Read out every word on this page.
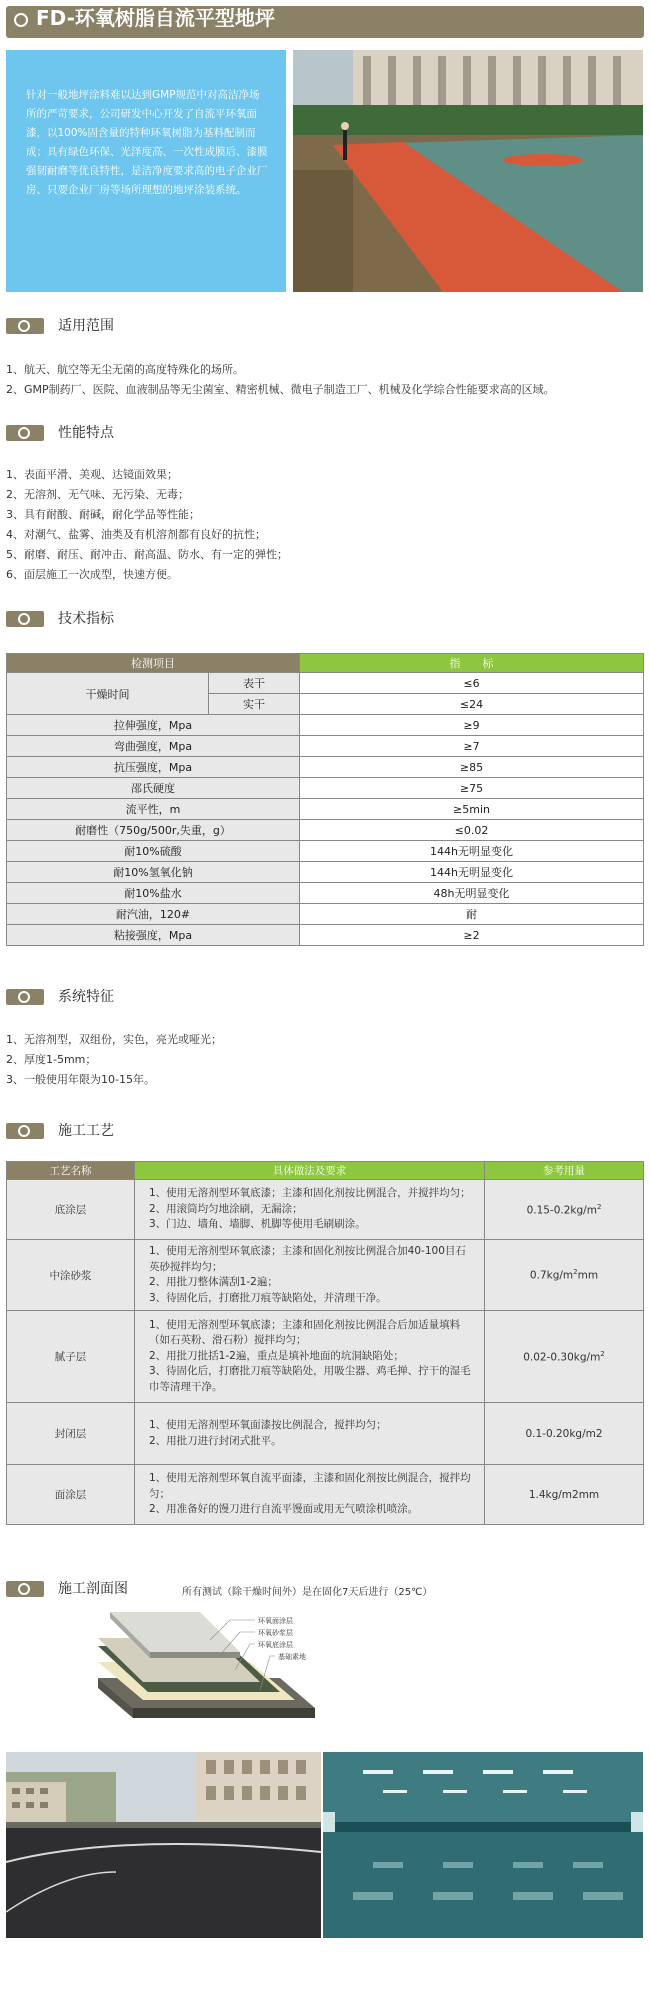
FD-环氧树脂自流平型地坪
针对一般地坪涂料难以达到GMP规范中对高洁净场所的严苛要求，公司研发中心开发了自流平环氧面漆，以100%固含量的特种环氧树脂为基料配制而成；具有绿色环保、光泽度高、一次性成膜后、漆膜强韧耐磨等优良特性，是洁净度要求高的电子企业厂房、只要企业厂房等场所理想的地坪涂装系统。
适用范围
1、航天、航空等无尘无菌的高度特殊化的场所。
2、GMP制药厂、医院、血液制品等无尘菌室、精密机械、微电子制造工厂、机械及化学综合性能要求高的区域。
性能特点
1、表面平滑、美观、达镜面效果；
2、无溶剂、无气味、无污染、无毒；
3、具有耐酸、耐碱，耐化学品等性能；
4、对潮气、盐雾、油类及有机溶剂都有良好的抗性；
5、耐磨、耐压、耐冲击、耐高温、防水、有一定的弹性；
6、面层施工一次成型，快速方便。
技术指标
检测项目		指　　标
干燥时间	表干	≤6
	实干	≤24
拉伸强度，Mpa		≥9
弯曲强度，Mpa		≥7
抗压强度，Mpa		≥85
邵氏硬度		≥75
流平性，m		≥5min
耐磨性（750g/500r,失重，g）		≤0.02
耐10%硫酸		144h无明显变化
耐10%氢氧化钠		144h无明显变化
耐10%盐水		48h无明显变化
耐汽油，120#		耐
粘接强度，Mpa		≥2
系统特征
1、无溶剂型，双组份，实色，亮光或哑光；
2、厚度1-5mm；
3、一般使用年限为10-15年。
施工工艺
工艺名称	具体做法及要求	参考用量
底涂层	1、使用无溶剂型环氧底漆；主漆和固化剂按比例混合，并搅拌均匀；
2、用滚筒均匀地涂刷，无漏涂；
3、门边、墙角、墙脚、机脚等使用毛刷刷涂。	$0.15-0.2kg/m^2$
中涂砂浆	1、使用无溶剂型环氧底漆；主漆和固化剂按比例混合加40-100目石英砂搅拌均匀；
2、用批刀整体满刮1-2遍；
3、待固化后，打磨批刀痕等缺陷处，并清理干净。	$0.7kg/m^2mm$
腻子层	1、使用无溶剂型环氧底漆；主漆和固化剂按比例混合后加适量填料（如石英粉、滑石粉）搅拌均匀；
2、用批刀批括1-2遍，重点是填补地面的坑洞缺陷处；
3、待固化后，打磨批刀痕等缺陷处，用吸尘器、鸡毛掸、拧干的湿毛巾等清理干净。	$0.02-0.30kg/m^2$
封闭层	1、使用无溶剂型环氧面漆按比例混合，搅拌均匀；
2、用批刀进行封闭式批平。	0.1-0.20kg/m2
面涂层	1、使用无溶剂型环氧自流平面漆，主漆和固化剂按比例混合，搅拌均匀；
2、用准备好的馒刀进行自流平馒面或用无气喷涂机喷涂。	1.4kg/m2mm
施工剖面图	所有测试（除干燥时间外）是在固化7天后进行（25℃）
环氧面涂层
环氧砂浆层
环氧底涂层
基础素地
